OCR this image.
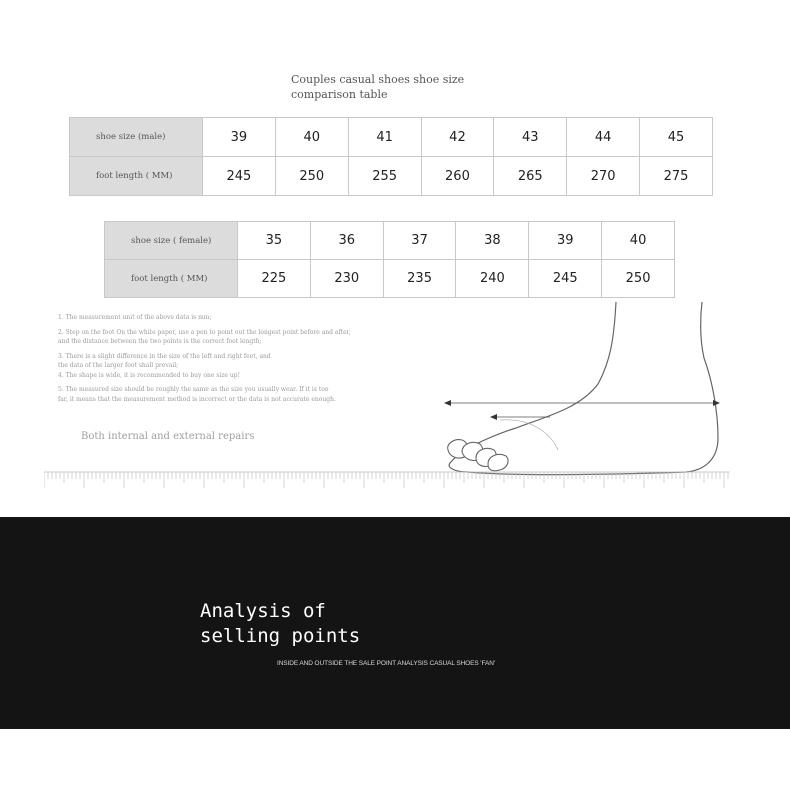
Couples casual shoes shoe size comparison table
shoe size (male)	39	40	41	42	43	44	45
foot length ( MM)	245	250	255	260	265	270	275
shoe size ( female)	35	36	37	38	39	40
foot length ( MM)	225	230	235	240	245	250

1. The measurement unit of the above data is mm;

2. Step on the foot On the white paper, use a pen to point out the longest point before and after,

and the distance between the two points is the correct foot length;

3. There is a slight difference in the size of the left and right feet, and

the data of the larger foot shall prevail;

4. The shape is wide, it is recommended to buy one size up!

5. The measured size should be roughly the same as the size you usually wear. If it is too

far, it means that the measurement method is incorrect or the data is not accurate enough.

Both internal and external repairs
Analysis of selling points
INSIDE AND OUTSIDE THE SALE POINT ANALYSIS CASUAL SHOES 'FAN'
